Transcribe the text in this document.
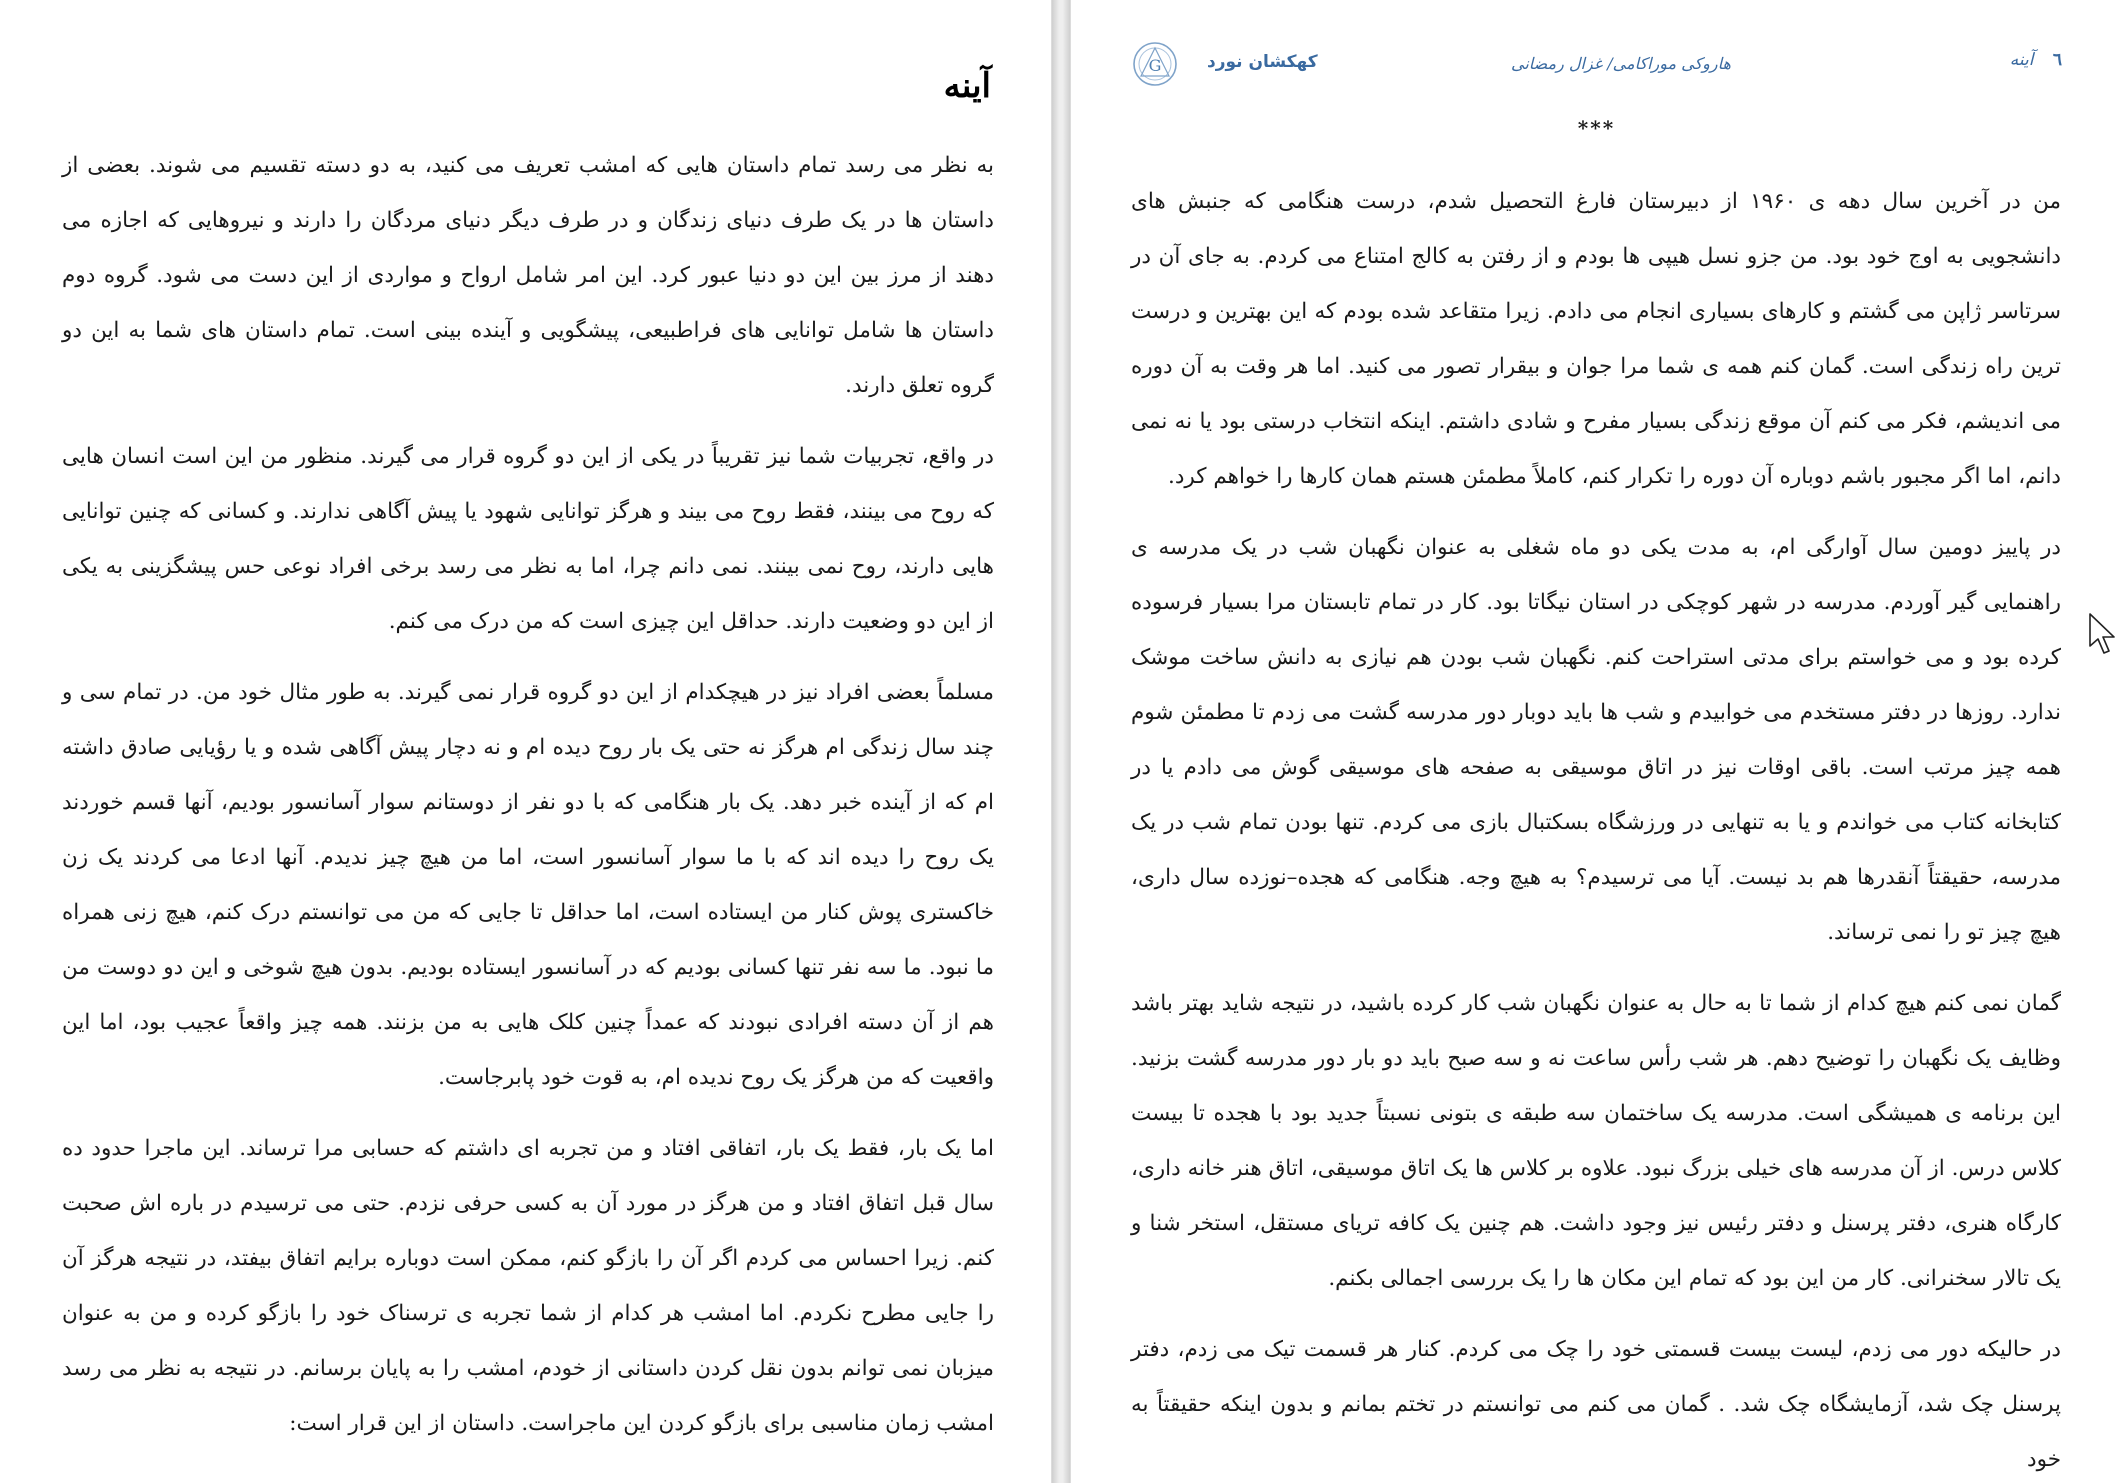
آینه

به نظر می رسد تمام داستان هایی که امشب تعریف می کنید، به دو دسته تقسیم می شوند. بعضی از داستان ها در یک طرف دنیای زندگان و در طرف دیگر دنیای مردگان را دارند و نیروهایی که اجازه می دهند از مرز بین این دو دنیا عبور کرد. این امر شامل ارواح و مواردی از این دست می شود. گروه دوم داستان ها شامل توانایی های فراطبیعی، پیشگویی و آینده بینی است. تمام داستان های شما به این دو گروه تعلق دارند.

در واقع، تجربیات شما نیز تقریباً در یکی از این دو گروه قرار می گیرند. منظور من این است انسان هایی که روح می بینند، فقط روح می بیند و هرگز توانایی شهود یا پیش آگاهی ندارند. و کسانی که چنین توانایی هایی دارند، روح نمی بینند. نمی دانم چرا، اما به نظر می رسد برخی افراد نوعی حس پیشگزینی به یکی از این دو وضعیت دارند. حداقل این چیزی است که من درک می کنم.

مسلماً بعضی افراد نیز در هیچکدام از این دو گروه قرار نمی گیرند. به طور مثال خود من. در تمام سی و چند سال زندگی ام هرگز نه حتی یک بار روح دیده ام و نه دچار پیش آگاهی شده و یا رؤیایی صادق داشته ام که از آینده خبر دهد. یک بار هنگامی که با دو نفر از دوستانم سوار آسانسور بودیم، آنها قسم خوردند یک روح را دیده اند که با ما سوار آسانسور است، اما من هیچ چیز ندیدم. آنها ادعا می کردند یک زن خاکستری پوش کنار من ایستاده است، اما حداقل تا جایی که من می توانستم درک کنم، هیچ زنی همراه ما نبود. ما سه نفر تنها کسانی بودیم که در آسانسور ایستاده بودیم. بدون هیچ شوخی و این دو دوست من هم از آن دسته افرادی نبودند که عمداً چنین کلک هایی به من بزنند. همه چیز واقعاً عجیب بود، اما این واقعیت که من هرگز یک روح ندیده ام، به قوت خود پابرجاست.

اما یک بار، فقط یک بار، اتفاقی افتاد و من تجربه ای داشتم که حسابی مرا ترساند. این ماجرا حدود ده سال قبل اتفاق افتاد و من هرگز در مورد آن به کسی حرفی نزدم. حتی می ترسیدم در باره اش صحبت کنم. زیرا احساس می کردم اگر آن را بازگو کنم، ممکن است دوباره برایم اتفاق بیفتد، در نتیجه هرگز آن را جایی مطرح نکردم. اما امشب هر کدام از شما تجربه ی ترسناک خود را بازگو کرده و من به عنوان میزبان نمی توانم بدون نقل کردن داستانی از خودم، امشب را به پایان برسانم. در نتیجه به نظر می رسد امشب زمان مناسبی برای بازگو کردن این ماجراست. داستان از این قرار است:

G	کهکشان نورد	هاروکی موراکامی/ غزال رمضانی	٦ آینه
***

من در آخرین سال دهه ی ۱۹۶۰ از دبیرستان فارغ التحصیل شدم، درست هنگامی که جنبش های دانشجویی به اوج خود بود. من جزو نسل هیپی ها بودم و از رفتن به کالج امتناع می کردم. به جای آن در سرتاسر ژاپن می گشتم و کارهای بسیاری انجام می دادم. زیرا متقاعد شده بودم که این بهترین و درست ترین راه زندگی است. گمان کنم همه ی شما مرا جوان و بیقرار تصور می کنید. اما هر وقت به آن دوره می اندیشم، فکر می کنم آن موقع زندگی بسیار مفرح و شادی داشتم. اینکه انتخاب درستی بود یا نه نمی دانم، اما اگر مجبور باشم دوباره آن دوره را تکرار کنم، کاملاً مطمئن هستم همان کارها را خواهم کرد.

در پاییز دومین سال آوارگی ام، به مدت یکی دو ماه شغلی به عنوان نگهبان شب در یک مدرسه ی راهنمایی گیر آوردم. مدرسه در شهر کوچکی در استان نیگاتا بود. کار در تمام تابستان مرا بسیار فرسوده کرده بود و می خواستم برای مدتی استراحت کنم. نگهبان شب بودن هم نیازی به دانش ساخت موشک ندارد. روزها در دفتر مستخدم می خوابیدم و شب ها باید دوبار دور مدرسه گشت می زدم تا مطمئن شوم همه چیز مرتب است. باقی اوقات نیز در اتاق موسیقی به صفحه های موسیقی گوش می دادم یا در کتابخانه کتاب می خواندم و یا به تنهایی در ورزشگاه بسکتبال بازی می کردم. تنها بودن تمام شب در یک مدرسه، حقیقتاً آنقدرها هم بد نیست. آیا می ترسیدم؟ به هیچ وجه. هنگامی که هجده–نوزده سال داری، هیچ چیز تو را نمی ترساند.

گمان نمی کنم هیچ کدام از شما تا به حال به عنوان نگهبان شب کار کرده باشید، در نتیجه شاید بهتر باشد وظایف یک نگهبان را توضیح دهم. هر شب رأس ساعت نه و سه صبح باید دو بار دور مدرسه گشت بزنید. این برنامه ی همیشگی است. مدرسه یک ساختمان سه طبقه ی بتونی نسبتاً جدید بود با هجده تا بیست کلاس درس. از آن مدرسه های خیلی بزرگ نبود. علاوه بر کلاس ها یک اتاق موسیقی، اتاق هنر خانه داری، کارگاه هنری، دفتر پرسنل و دفتر رئیس نیز وجود داشت. هم چنین یک کافه تریای مستقل، استخر شنا و یک تالار سخنرانی. کار من این بود که تمام این مکان ها را یک بررسی اجمالی بکنم.

در حالیکه دور می زدم، لیست بیست قسمتی خود را چک می کردم. کنار هر قسمت تیک می زدم، دفتر پرسنل چک شد، آزمایشگاه چک شد. . گمان می کنم می توانستم در تختم بمانم و بدون اینکه حقیقتاً به خود
